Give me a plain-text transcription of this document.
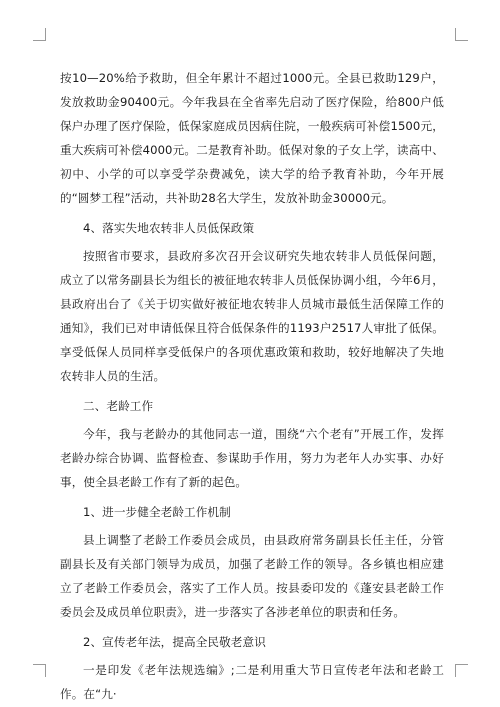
按10—20%给予救助，但全年累计不超过1000元。全县已救助129户，发放救助金90400元。今年我县在全省率先启动了医疗保险，给800户低保户办理了医疗保险，低保家庭成员因病住院，一般疾病可补偿1500元，重大疾病可补偿4000元。二是教育补助。低保对象的子女上学，读高中、初中、小学的可以享受学杂费减免，读大学的给予教育补助，今年开展的“圆梦工程”活动，共补助28名大学生，发放补助金30000元。

4、落实失地农转非人员低保政策

按照省市要求，县政府多次召开会议研究失地农转非人员低保问题，成立了以常务副县长为组长的被征地农转非人员低保协调小组，今年6月，县政府出台了《关于切实做好被征地农转非人员城市最低生活保障工作的通知》，我们已对申请低保且符合低保条件的1193户2517人审批了低保。享受低保人员同样享受低保户的各项优惠政策和救助，较好地解决了失地农转非人员的生活。

二、老龄工作

今年，我与老龄办的其他同志一道，围绕“六个老有”开展工作，发挥老龄办综合协调、监督检查、参谋助手作用，努力为老年人办实事、办好事，使全县老龄工作有了新的起色。

1、进一步健全老龄工作机制

县上调整了老龄工作委员会成员，由县政府常务副县长任主任，分管副县长及有关部门领导为成员，加强了老龄工作的领导。各乡镇也相应建立了老龄工作委员会，落实了工作人员。按县委印发的《蓬安县老龄工作委员会及成员单位职责》，进一步落实了各涉老单位的职责和任务。

2、宣传老年法，提高全民敬老意识

一是印发《老年法规选编》;二是利用重大节日宣传老年法和老龄工作。在“九·
